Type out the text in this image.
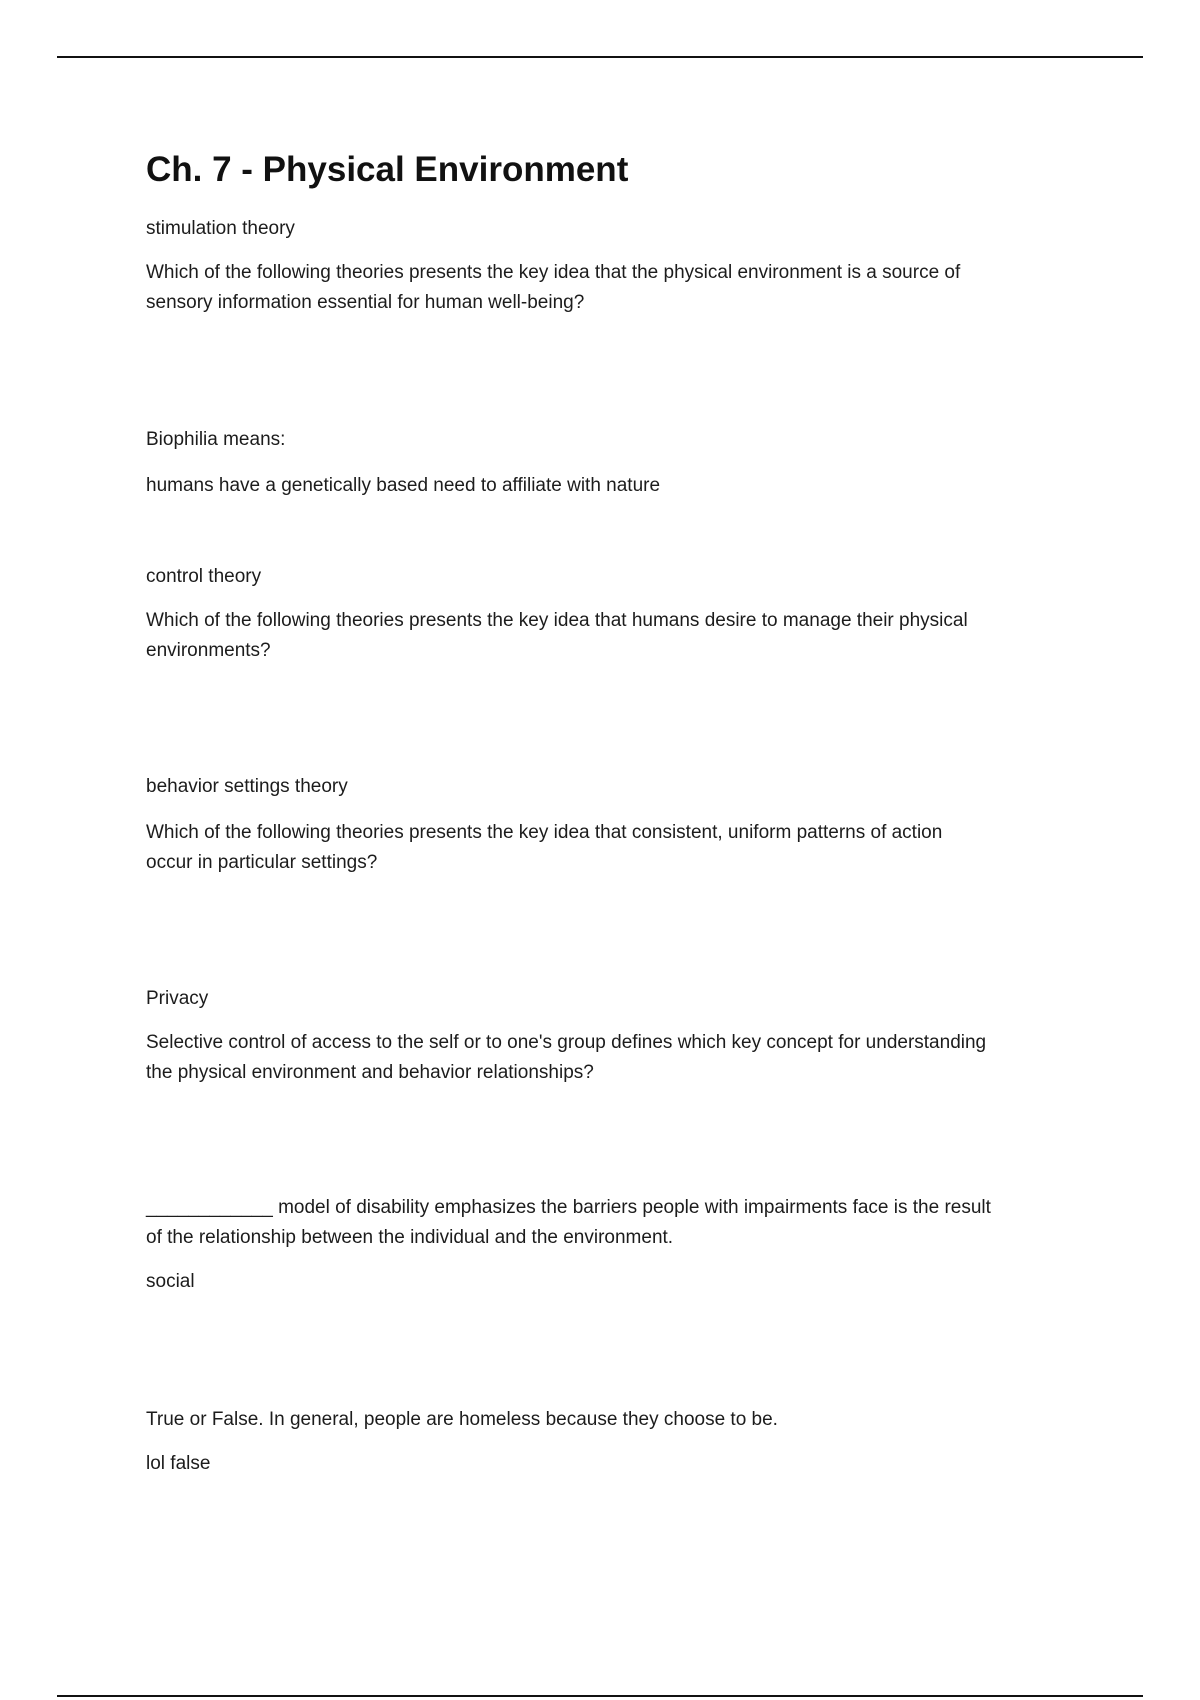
Ch. 7 - Physical Environment

stimulation theory

Which of the following theories presents the key idea that the physical environment is a source of
sensory information essential for human well-being?

Biophilia means:

humans have a genetically based need to affiliate with nature

control theory

Which of the following theories presents the key idea that humans desire to manage their physical
environments?

behavior settings theory

Which of the following theories presents the key idea that consistent, uniform patterns of action
occur in particular settings?

Privacy

Selective control of access to the self or to one's group defines which key concept for understanding
the physical environment and behavior relationships?

____________ model of disability emphasizes the barriers people with impairments face is the result
of the relationship between the individual and the environment.

social

True or False. In general, people are homeless because they choose to be.

lol false
